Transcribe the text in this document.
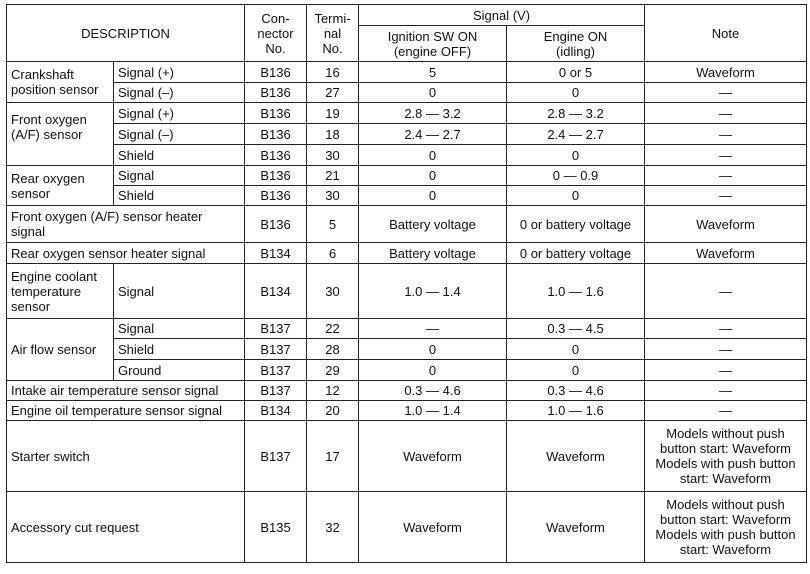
DESCRIPTION		Con-
nector
No.	Termi-
nal
No.	Signal (V)		Note
				Ignition SW ON
(engine OFF)	Engine ON
(idling)	
Crankshaft
position sensor	Signal (+)	B136	16	5	0 or 5	Waveform
	Signal (–)	B136	27	0	0	—
Front oxygen
(A/F) sensor	Signal (+)	B136	19	2.8 — 3.2	2.8 — 3.2	—
	Signal (–)	B136	18	2.4 — 2.7	2.4 — 2.7	—
	Shield	B136	30	0	0	—
Rear oxygen
sensor	Signal	B136	21	0	0 — 0.9	—
	Shield	B136	30	0	0	—
Front oxygen (A/F) sensor heater
signal		B136	5	Battery voltage	0 or battery voltage	Waveform
Rear oxygen sensor heater signal		B134	6	Battery voltage	0 or battery voltage	Waveform
Engine coolant
temperature
sensor	Signal	B134	30	1.0 — 1.4	1.0 — 1.6	—
Air flow sensor	Signal	B137	22	—	0.3 — 4.5	—
	Shield	B137	28	0	0	—
	Ground	B137	29	0	0	—
Intake air temperature sensor signal		B137	12	0.3 — 4.6	0.3 — 4.6	—
Engine oil temperature sensor signal		B134	20	1.0 — 1.4	1.0 — 1.6	—
Starter switch		B137	17	Waveform	Waveform	Models without push
button start: Waveform
Models with push button
start: Waveform
Accessory cut request		B135	32	Waveform	Waveform	Models without push
button start: Waveform
Models with push button
start: Waveform
